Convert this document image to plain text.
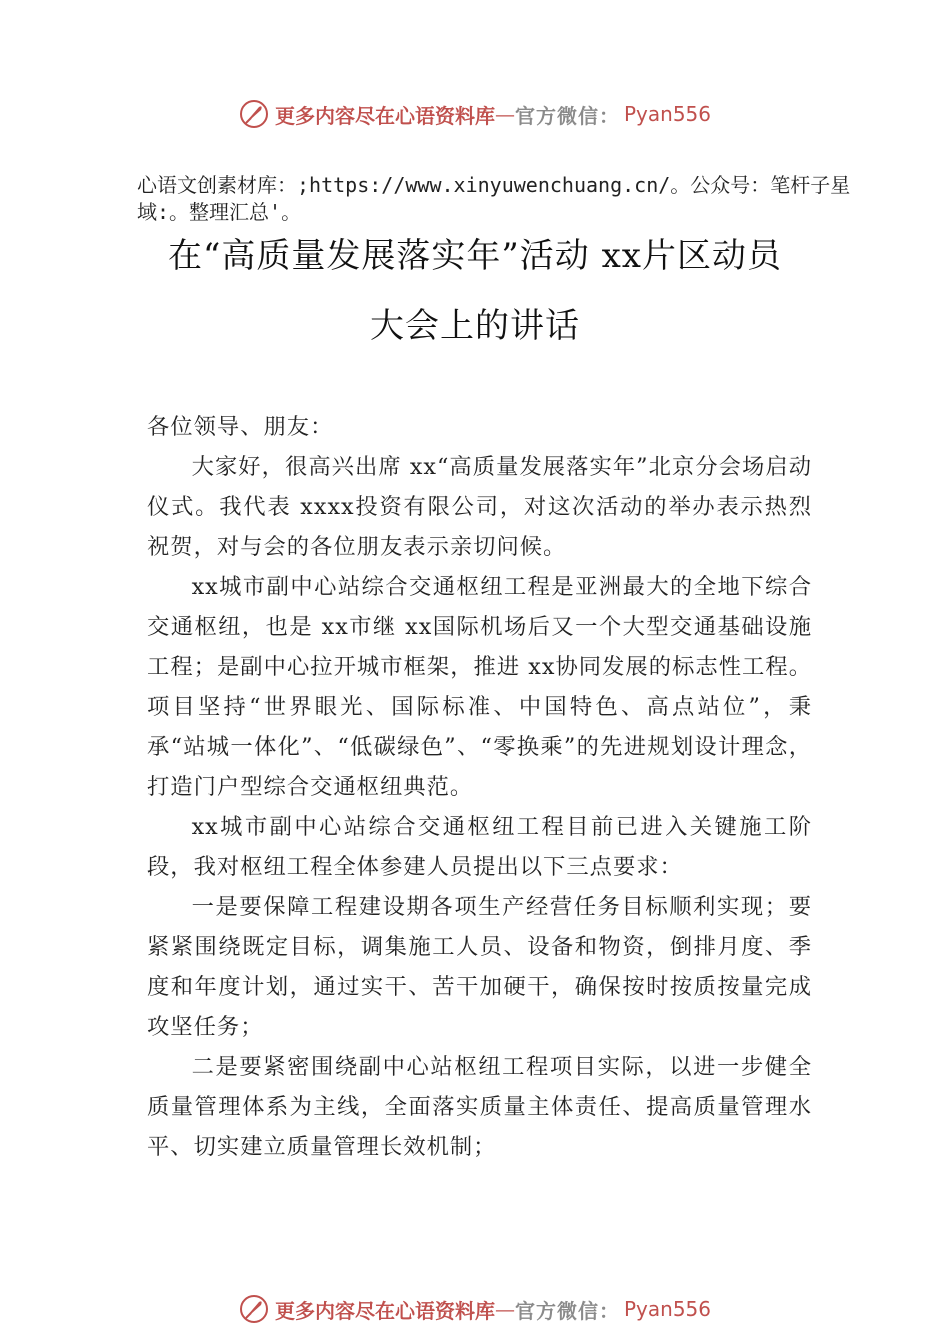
更多内容尽在心语资料库 — 官方微信： Pyan556
心语文创素材库：;https://www.xinyuwenchuang.cn/。公众号：笔杆子星域:。整理汇总'。
在“高质量发展落实年”活动 xx片区动员
大会上的讲话
各位领导、朋友：

大家好，很高兴出席 xx“高质量发展落实年”北京分会场启动仪式。我代表 xxxx投资有限公司，对这次活动的举办表示热烈祝贺，对与会的各位朋友表示亲切问候。

xx城市副中心站综合交通枢纽工程是亚洲最大的全地下综合交通枢纽，也是 xx市继 xx国际机场后又一个大型交通基础设施工程；是副中心拉开城市框架，推进 xx协同发展的标志性工程。项目坚持“世界眼光、国际标准、中国特色、高点站位”，秉承“站城一体化”、“低碳绿色”、“零换乘”的先进规划设计理念，打造门户型综合交通枢纽典范。

xx城市副中心站综合交通枢纽工程目前已进入关键施工阶段，我对枢纽工程全体参建人员提出以下三点要求：

一是要保障工程建设期各项生产经营任务目标顺利实现；要紧紧围绕既定目标，调集施工人员、设备和物资，倒排月度、季度和年度计划，通过实干、苦干加硬干，确保按时按质按量完成攻坚任务；

二是要紧密围绕副中心站枢纽工程项目实际，以进一步健全质量管理体系为主线，全面落实质量主体责任、提高质量管理水平、切实建立质量管理长效机制；

更多内容尽在心语资料库 — 官方微信： Pyan556
